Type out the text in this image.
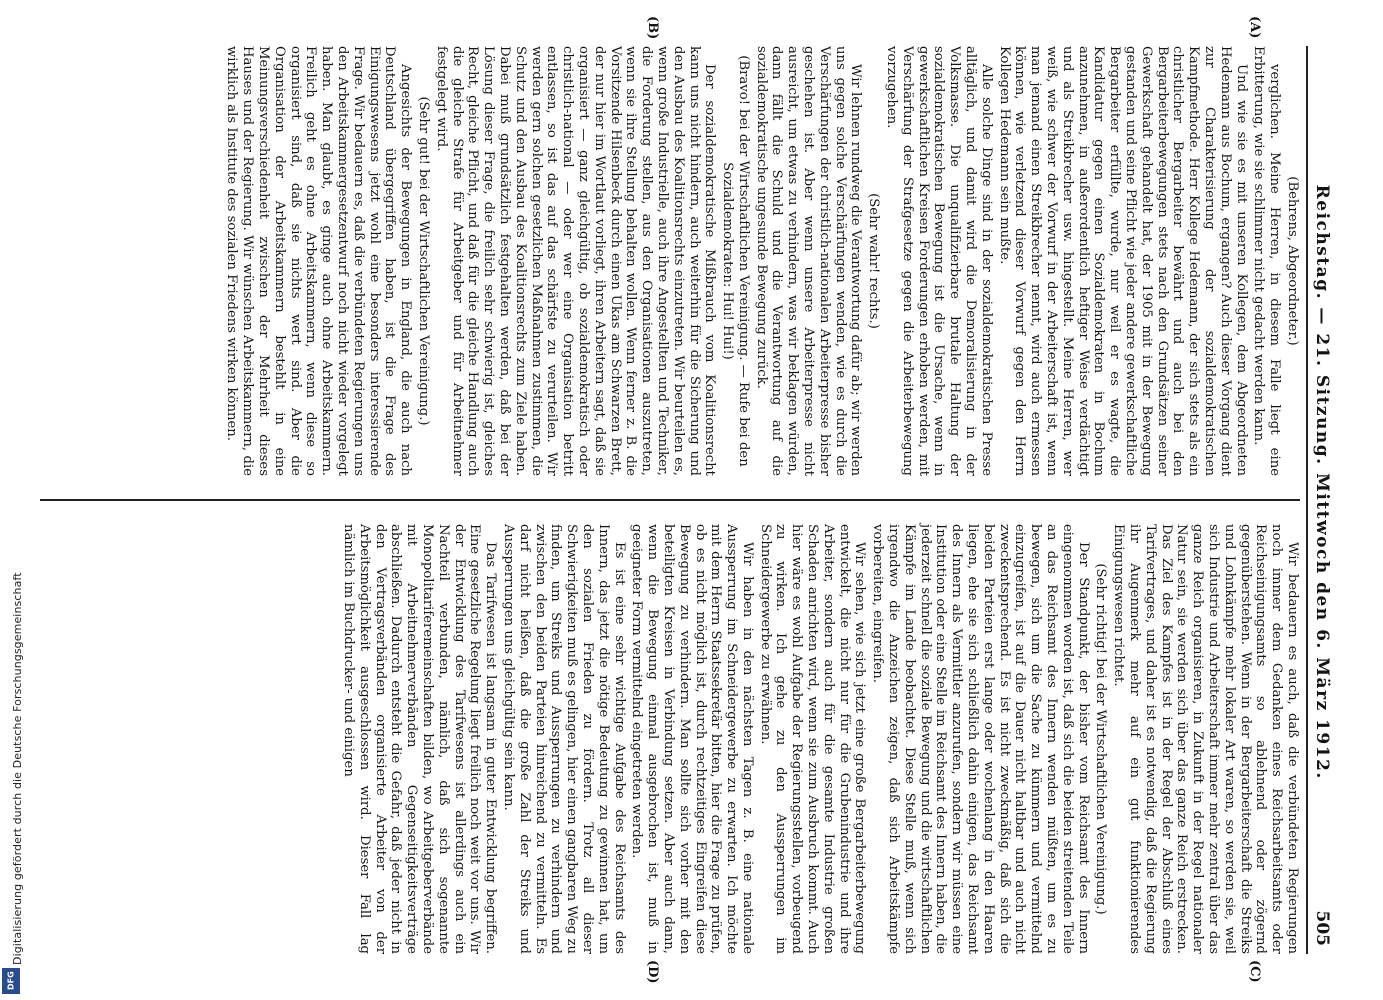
Digitalisierung gefördert durch die Deutsche Forschungsgemeinschaft
DFG
Reichstag. — 21. Sitzung. Mittwoch den 6. März 1912.
505
(A)
(B)
(C)
(D)

(Behrens, Abgeordneter.)

verglichen. Meine Herren, in diesem Falle liegt eine Erbitterung, wie sie schlimmer nicht gedacht werden kann.

Und wie sie es mit unseren Kollegen, dem Abgeordneten Hedemann aus Bochum, ergangen? Auch dieser Vorgang dient zur Charakterisierung der sozialdemokratischen Kampfmethode. Herr Kollege Hedemann, der sich stets als ein christlicher Bergarbeiter bewährt und auch bei den Bergarbeiterbewegungen stets nach den Grundsätzen seiner Gewerkschaft gehandelt hat, der 1905 mit in der Bewegung gestanden und seine Pflicht wie jeder andere gewerkschaftliche Bergarbeiter erfüllte, wurde, nur weil er es wagte, die Kandidatur gegen einen Sozialdemokraten in Bochum anzunehmen, in außerordentlich heftiger Weise verdächtigt und als Streikbrecher usw. hingestellt. Meine Herren, wer weiß, wie schwer der Vorwurf in der Arbeiterschaft ist, wenn man jemand einen Streikbrecher nennt, wird auch ermessen können, wie verletzend dieser Vorwurf gegen den Herrn Kollegen Hedemann sein mußte.

Alle solche Dinge sind in der sozialdemokratischen Presse alltäglich, und damit wird die Demoralisierung in der Volksmasse. Die unqualifizierbare brutale Haltung der sozialdemokratischen Bewegung ist die Ursache, wenn in gewerkschaftlichen Kreisen Forderungen erhoben werden, mit Verschärfung der Strafgesetze gegen die Arbeiterbewegung vorzugehen.

(Sehr wahr! rechts.)

Wir lehnen rundweg die Verantwortung dafür ab; wir werden uns gegen solche Verschärfungen wenden, wie es durch die Verschärfungen der christlich-nationalen Arbeiterpresse bisher geschehen ist. Aber wenn unsere Arbeiterpresse nicht ausreicht, um etwas zu verhindern, was wir beklagen würden, dann fällt die Schuld und die Verantwortung auf die sozialdemokratische ungesunde Bewegung zurück.

(Bravo! bei der Wirtschaftlichen Vereinigung. — Rufe bei den Sozialdemokraten: Hui! Hui!)

Der sozialdemokratische Mißbrauch vom Koalitionsrecht kann uns nicht hindern, auch weiterhin für die Sicherung und den Ausbau des Koalitionsrechts einzutreten. Wir beurteilen es, wenn große Industrielle, auch ihre Angestellten und Techniker, die Forderung stellen, aus den Organisationen auszutreten, wenn sie ihre Stellung behalten wollen. Wenn ferner z. B. die Vorsitzende Hilsenbeck durch einen Ukas am Schwarzen Brett, der nur hier im Wortlaut vorliegt, ihren Arbeitern sagt, daß sie organisiert — ganz gleichgültig, ob sozialdemokratisch oder christlich-national — oder wer eine Organisation betritt entlassen, so ist das auf das schärfste zu verurteilen. Wir werden gern solchen gesetzlichen Maßnahmen zustimmen, die Schutz und den Ausbau des Koalitionsrechts zum Ziele haben. Dabei muß grundsätzlich festgehalten werden, daß bei der Lösung dieser Frage, die freilich sehr schwierig ist, gleiches Recht, gleiche Pflicht, und daß für die gleiche Handlung auch die gleiche Strafe für Arbeitgeber und für Arbeitnehmer festgelegt wird.

(Sehr gut! bei der Wirtschaftlichen Vereinigung.)

Angesichts der Bewegungen in England, die auch nach Deutschland übergegriffen haben, ist die Frage des Einigungswesens jetzt wohl eine besonders interessierende Frage. Wir bedauern es, daß die verbündeten Regierungen uns den Arbeitskammergesetzentwurf noch nicht wieder vorgelegt haben. Man glaubt, es ginge auch ohne Arbeitskammern. Freilich geht es ohne Arbeitskammern, wenn diese so organisiert sind, daß sie nichts wert sind. Aber die Organisation der Arbeitskammern bestehlt in eine Meinungsverschiedenheit zwischen der Mehrheit dieses Hauses und der Regierung. Wir wünschen Arbeitskammern, die wirklich als Institute des sozialen Friedens wirken können.

Wir bedauern es auch, daß die verbündeten Regierungen noch immer dem Gedanken eines Reichsarbeitsamts oder Reichseinigungsamts so ablehnend oder zögernd gegenüberstehen. Wenn in der Bergarbeiterschaft die Streiks und Lohnkämpfe mehr lokaler Art waren, so werden sie, weil sich Industrie und Arbeiterschaft immer mehr zentral über das ganze Reich organisieren, in Zukunft in der Regel nationaler Natur sein, sie werden sich über das ganze Reich erstrecken. Das Ziel des Kampfes ist in der Regel der Abschluß eines Tarifvertrages, und daher ist es notwendig, daß die Regierung ihr Augenmerk mehr auf ein gut funktionierendes Einigungswesen richtet.

(Sehr richtig! bei der Wirtschaftlichen Vereinigung.)

Der Standpunkt, der bisher vom Reichsamt des Innern eingenommen worden ist, daß sich die beiden streitenden Teile an das Reichsamt des Innern wenden müßten, um es zu bewegen, sich um die Sache zu kümmern und vermittelnd einzugreifen, ist auf die Dauer nicht haltbar und auch nicht zweckentsprechend. Es ist nicht zweckmäßig, daß sich die beiden Parteien erst lange oder wochenlang in den Haaren liegen, ehe sie sich schließlich dahin einigen, das Reichsamt des Innern als Vermittler anzurufen, sondern wir müssen eine Institution oder eine Stelle im Reichsamt des Innern haben, die jederzeit schnell die soziale Bewegung und die wirtschaftlichen Kämpfe im Lande beobachtet. Diese Stelle muß, wenn sich irgendwo die Anzeichen zeigen, daß sich Arbeitskämpfe vorbereiten, eingreifen.

Wir sehen, wie sich jetzt eine große Bergarbeiterbewegung entwickelt, die nicht nur für die Grubenindustrie und ihre Arbeiter, sondern auch für die gesamte Industrie großen Schaden anrichten wird, wenn sie zum Ausbruch kommt. Auch hier wäre es wohl Aufgabe der Regierungsstellen, vorbeugend zu wirken. Ich gehe zu den Aussperrungen im Schneidergewerbe zu erwähnen.

Wir haben in den nächsten Tagen z. B. eine nationale Aussperrung im Schneidergewerbe zu erwarten. Ich möchte mit dem Herrn Staatssekretär bitten, hier die Frage zu prüfen, ob es nicht möglich ist, durch rechtzeitiges Eingreifen diese Bewegung zu verhindern. Man sollte sich vorher mit den beteiligten Kreisen in Verbindung setzen. Aber auch dann, wenn die Bewegung einmal ausgebrochen ist, muß in geeigneter Form vermittelnd eingetreten werden.

Es ist eine sehr wichtige Aufgabe des Reichsamts des Innern, das jetzt die nötige Bedeutung zu gewinnen hat, um den sozialen Frieden zu fördern. Trotz all dieser Schwierigkeiten muß es gelingen, hier einen gangbaren Weg zu finden, um Streiks und Aussperrungen zu verhindern und zwischen den beiden Parteien hinreichend zu vermitteln. Es darf nicht heißen, daß die große Zahl der Streiks und Aussperrungen uns gleichgültig sein kann.

Das Tarifwesen ist langsam in guter Entwicklung begriffen. Eine gesetzliche Regelung liegt freilich noch weit vor uns. Wir der Entwicklung des Tarifwesens ist allerdings auch ein Nachteil verbunden, nämlich, daß sich sogenannte Monopolitariferemeinschaften bilden, wo Arbeitgeberverbände mit Arbeitnehmerverbänden Gegenseitigkeitsverträge abschließen. Dadurch entsteht die Gefahr, daß jeder nicht in den Vertragsverbänden organisierte Arbeiter von der Arbeitsmöglichkeit ausgeschlossen wird. Dieser Fall lag nämlich im Buchdrucker- und einigen
